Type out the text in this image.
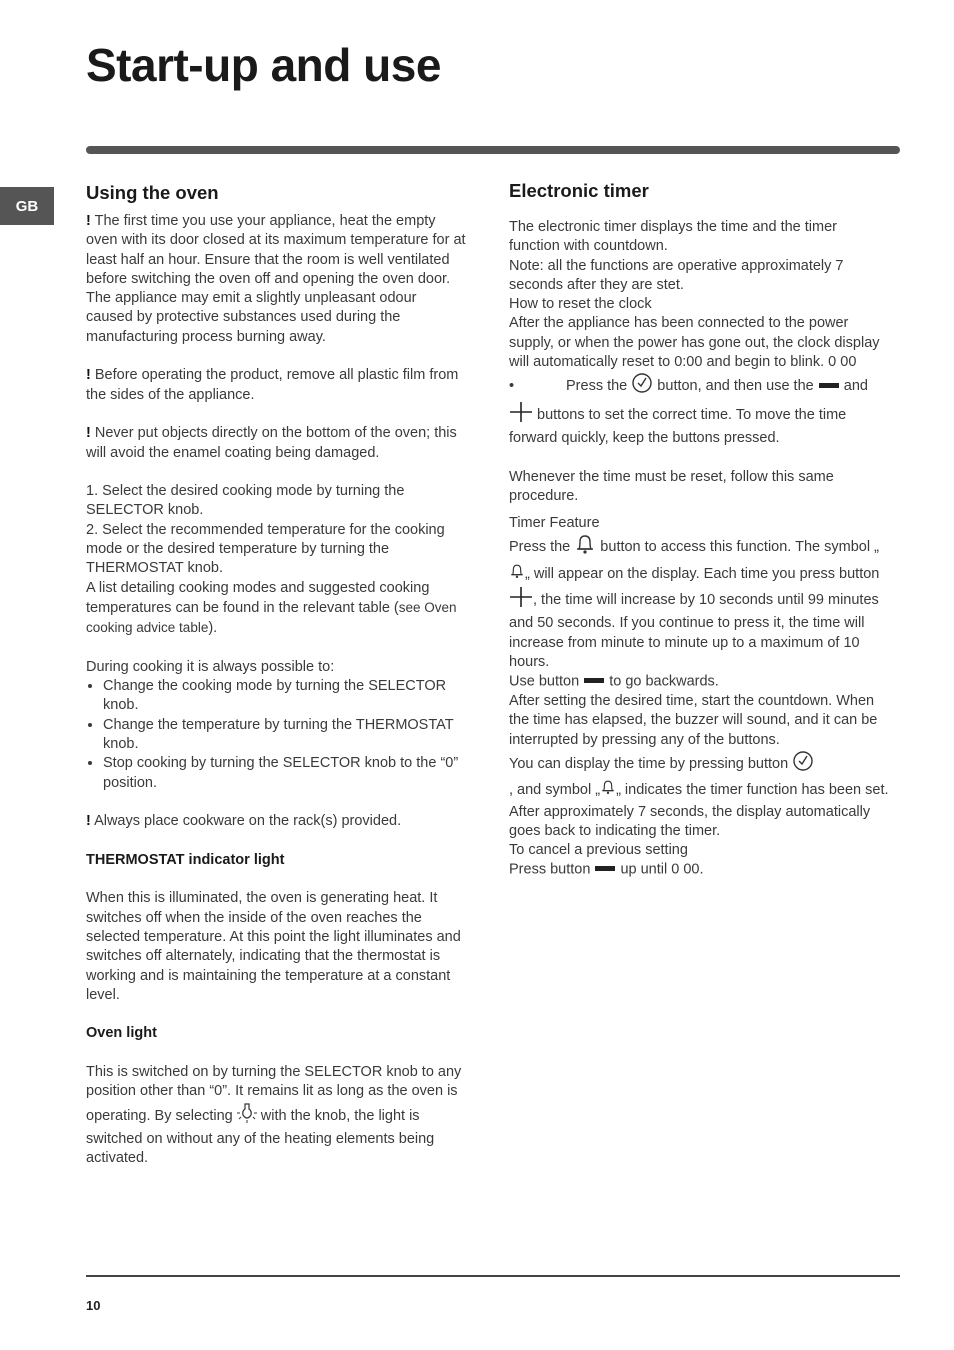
Start-up and use
GB
Using the oven

! The first time you use your appliance, heat the empty oven with its door closed at its maximum temperature for at least half an hour. Ensure that the room is well ventilated before switching the oven off and opening the oven door. The appliance may emit a slightly unpleasant odour caused by protective substances used during the manufacturing process burning away.

! Before operating the product, remove all plastic film from the sides of the appliance.

! Never put objects directly on the bottom of the oven; this will avoid the enamel coating being damaged.

1. Select the desired cooking mode by turning the SELECTOR knob.

2. Select the recommended temperature for the cooking mode or the desired temperature by turning the THERMOSTAT knob.

A list detailing cooking modes and suggested cooking temperatures can be found in the relevant table (see Oven cooking advice table).

During cooking it is always possible to:

• Change the cooking mode by turning the SELECTOR knob.
• Change the temperature by turning the THERMOSTAT knob.
• Stop cooking by turning the SELECTOR knob to the “0” position.

! Always place cookware on the rack(s) provided.

THERMOSTAT indicator light

When this is illuminated, the oven is generating heat. It switches off when the inside of the oven reaches the selected temperature. At this point the light illuminates and switches off alternately, indicating that the thermostat is working and is maintaining the temperature at a constant level.

Oven light

This is switched on by turning the SELECTOR knob to any position other than “0”. It remains lit as long as the oven is operating. By selecting  with the knob, the light is switched on without any of the heating elements being activated.

Electronic timer

The electronic timer displays the time and the timer function with countdown.

Note: all the functions are operative approximately 7 seconds after they are stet.

How to reset the clock

After the appliance has been connected to the power supply, or when the power has gone out, the clock display will automatically reset to 0:00 and begin to blink. 0 00

•	Press the  button, and then use the  and
buttons to set the correct time. To move the time forward quickly, keep the buttons pressed.

Whenever the time must be reset, follow this same procedure.

Timer Feature

Press the  button to access this function. The symbol „„ will appear on the display. Each time you press button , the time will increase by 10 seconds until 99 minutes and 50 seconds. If you continue to press it, the time will increase from minute to minute up to a maximum of 10 hours.

Use button  to go backwards.

After setting the desired time, start the countdown. When the time has elapsed, the buzzer will sound, and it can be interrupted by pressing any of the buttons.

You can display the time by pressing button
, and symbol „ „ indicates the timer function has been set. After approximately 7 seconds, the display automatically goes back to indicating the timer.

To cancel a previous setting

Press button  up until 0 00.

10
